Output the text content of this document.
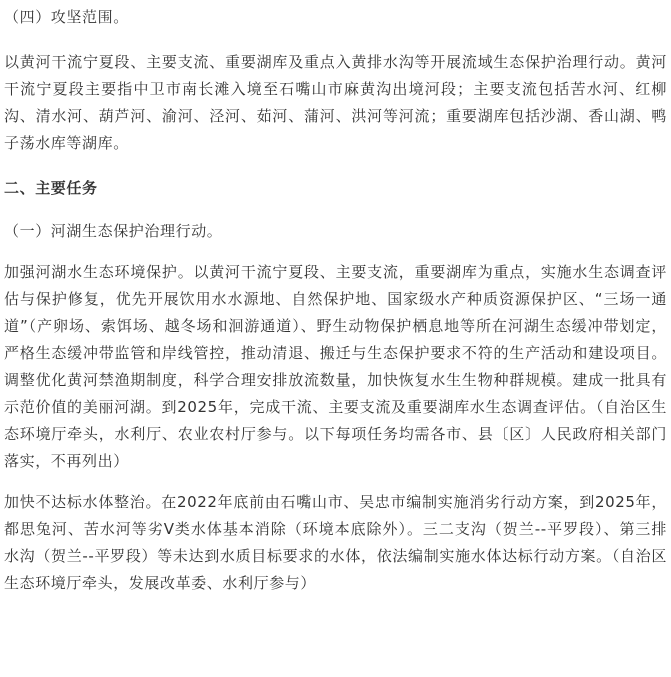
（四）攻坚范围。

以黄河干流宁夏段、主要支流、重要湖库及重点入黄排水沟等开展流域生态保护治理行动。黄河干流宁夏段主要指中卫市南长滩入境至石嘴山市麻黄沟出境河段；主要支流包括苦水河、红柳沟、清水河、葫芦河、渝河、泾河、茹河、蒲河、洪河等河流；重要湖库包括沙湖、香山湖、鸭子荡水库等湖库。

二、主要任务

（一）河湖生态保护治理行动。

加强河湖水生态环境保护。以黄河干流宁夏段、主要支流，重要湖库为重点，实施水生态调查评估与保护修复，优先开展饮用水水源地、自然保护地、国家级水产种质资源保护区、“三场一通道”（产卵场、索饵场、越冬场和洄游通道）、野生动物保护栖息地等所在河湖生态缓冲带划定，严格生态缓冲带监管和岸线管控，推动清退、搬迁与生态保护要求不符的生产活动和建设项目。调整优化黄河禁渔期制度，科学合理安排放流数量，加快恢复水生生物种群规模。建成一批具有示范价值的美丽河湖。到2025年，完成干流、主要支流及重要湖库水生态调查评估。（自治区生态环境厅牵头，水利厅、农业农村厅参与。以下每项任务均需各市、县〔区〕人民政府相关部门落实，不再列出）

加快不达标水体整治。在2022年底前由石嘴山市、吴忠市编制实施消劣行动方案，到2025年，都思兔河、苦水河等劣Ⅴ类水体基本消除（环境本底除外）。三二支沟（贺兰--平罗段）、第三排水沟（贺兰--平罗段）等未达到水质目标要求的水体，依法编制实施水体达标行动方案。（自治区生态环境厅牵头，发展改革委、水利厅参与）
